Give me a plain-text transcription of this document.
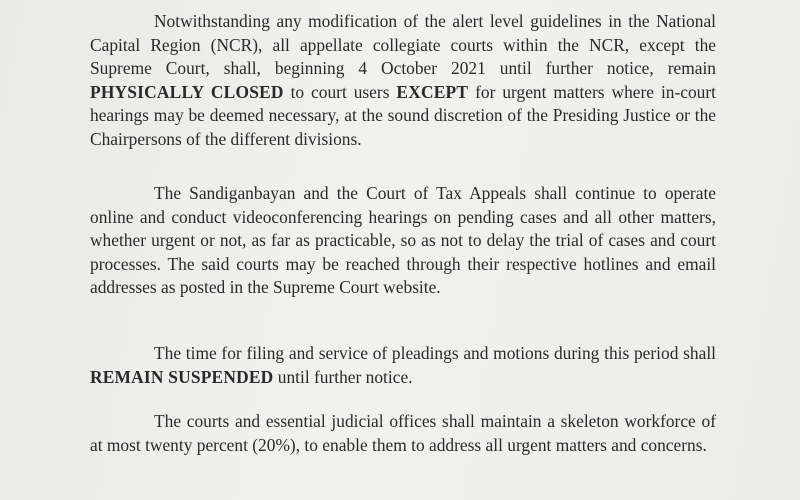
Notwithstanding any modification of the alert level guidelines in the National Capital Region (NCR), all appellate collegiate courts within the NCR, except the Supreme Court, shall, beginning 4 October 2021 until further notice, remain PHYSICALLY CLOSED to court users EXCEPT for urgent matters where in-court hearings may be deemed necessary, at the sound discretion of the Presiding Justice or the Chairpersons of the different divisions.

The Sandiganbayan and the Court of Tax Appeals shall continue to operate online and conduct videoconferencing hearings on pending cases and all other matters, whether urgent or not, as far as practicable, so as not to delay the trial of cases and court processes. The said courts may be reached through their respective hotlines and email addresses as posted in the Supreme Court website.

The time for filing and service of pleadings and motions during this period shall REMAIN SUSPENDED until further notice.

The courts and essential judicial offices shall maintain a skeleton workforce of at most twenty percent (20%), to enable them to address all urgent matters and concerns.
